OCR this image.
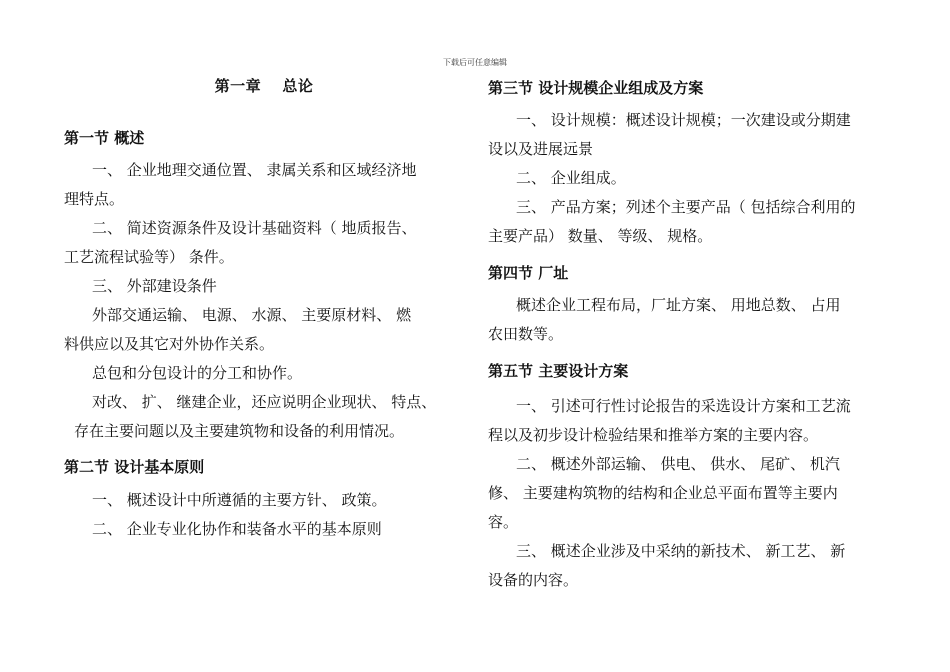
下载后可任意编辑
第一章　 总论
第一节 概述
一、 企业地理交通位置、 隶属关系和区域经济地
理特点。
二、 简述资源条件及设计基础资料（ 地质报告、
工艺流程试验等） 条件。
三、 外部建设条件
外部交通运输、 电源、 水源、 主要原材料、 燃
料供应以及其它对外协作关系。
总包和分包设计的分工和协作。
对改、 扩、 继建企业，还应说明企业现状、 特点、
存在主要问题以及主要建筑物和设备的利用情况。
第二节 设计基本原则
一、 概述设计中所遵循的主要方针、 政策。
二、 企业专业化协作和装备水平的基本原则
第三节 设计规模企业组成及方案
一、 设计规模：概述设计规模；一次建设或分期建
设以及进展远景
二、 企业组成。
三、 产品方案；列述个主要产品（ 包括综合利用的
主要产品） 数量、 等级、 规格。
第四节 厂址
概述企业工程布局，厂址方案、 用地总数、 占用
农田数等。
第五节 主要设计方案
一、 引述可行性讨论报告的采选设计方案和工艺流
程以及初步设计检验结果和推举方案的主要内容。
二、 概述外部运输、 供电、 供水、 尾矿、 机汽
修、 主要建构筑物的结构和企业总平面布置等主要内
容。
三、 概述企业涉及中采纳的新技术、 新工艺、 新
设备的内容。
